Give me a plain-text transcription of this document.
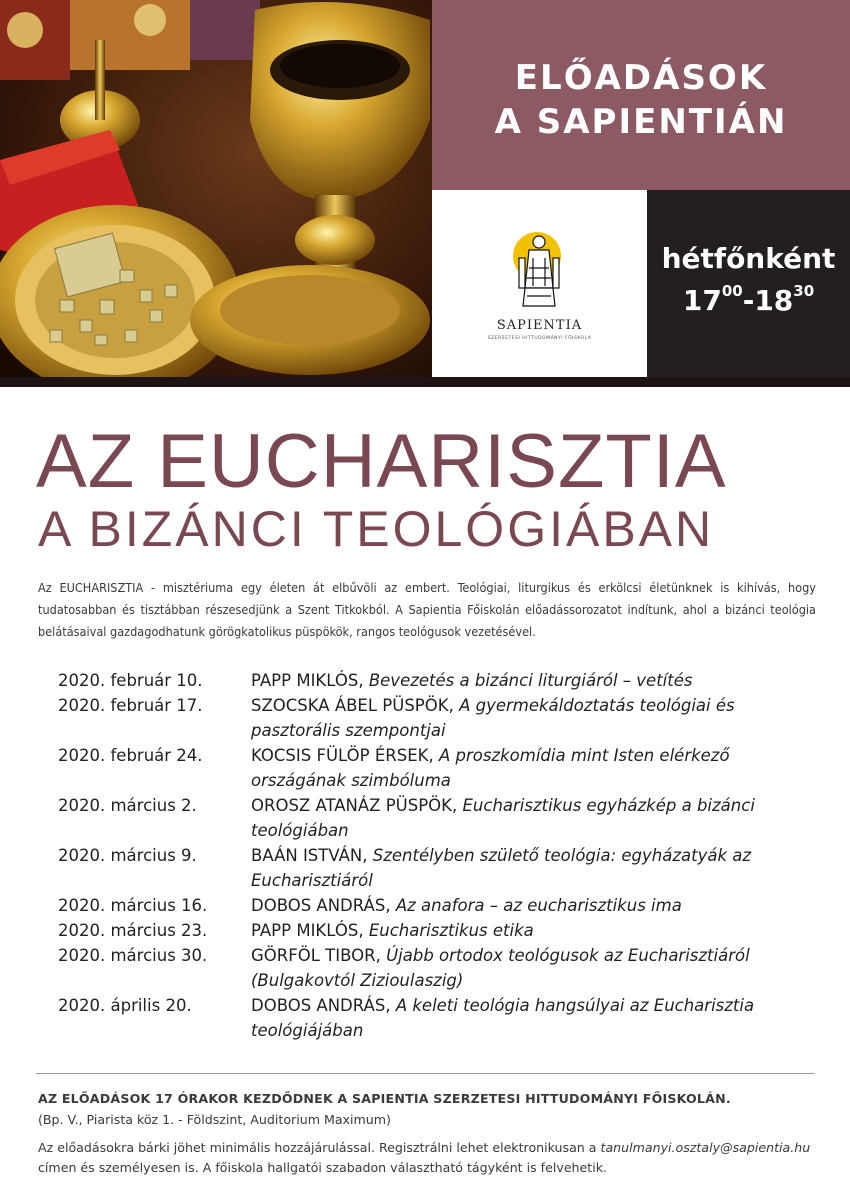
ELŐADÁSOK
A SAPIENTIÁN
SAPIENTIA
SZERZETESI HITTUDOMÁNYI FŐISKOLA
hétfőnként
$17^{00}-18^{30}$
AZ EUCHARISZTIA
A BIZÁNCI TEOLÓGIÁBAN
Az EUCHARISZTIA - misztériuma egy életen át elbűvöli az embert. Teológiai, liturgikus és erkölcsi életünknek is kihívás, hogy tudatosabban és tisztábban részesedjünk a Szent Titkokból. A Sapientia Főiskolán előadássorozatot indítunk, ahol a bizánci teológia belátásaival gazdagodhatunk görögkatolikus püspökök, rangos teológusok vezetésével.
2020. február 10.	PAPP MIKLÓS, Bevezetés a bizánci liturgiáról – vetítés
2020. február 17.	SZOCSKA ÁBEL PÜSPÖK, A gyermekáldoztatás teológiai és pasztorális szempontjai
2020. február 24.	KOCSIS FÜLÖP ÉRSEK, A proszkomídia mint Isten elérkező országának szimbóluma
2020. március 2.	OROSZ ATANÁZ PÜSPÖK, Eucharisztikus egyházkép a bizánci teológiában
2020. március 9.	BAÁN ISTVÁN, Szentélyben születő teológia: egyházatyák az Eucharisztiáról
2020. március 16.	DOBOS ANDRÁS, Az anafora – az eucharisztikus ima
2020. március 23.	PAPP MIKLÓS, Eucharisztikus etika
2020. március 30.	GÖRFÖL TIBOR, Újabb ortodox teológusok az Eucharisztiáról (Bulgakovtól Zizioulaszig)
2020. április 20.	DOBOS ANDRÁS, A keleti teológia hangsúlyai az Eucharisztia teológiájában
AZ ELŐADÁSOK 17 ÓRAKOR KEZDŐDNEK A SAPIENTIA SZERZETESI HITTUDOMÁNYI FŐISKOLÁN.
(Bp. V., Piarista köz 1. - Földszint, Auditorium Maximum)
Az előadásokra bárki jöhet minimális hozzájárulással. Regisztrálni lehet elektronikusan a tanulmanyi.osztaly@sapientia.hu címen és személyesen is. A főiskola hallgatói szabadon választható tágyként is felvehetik.
